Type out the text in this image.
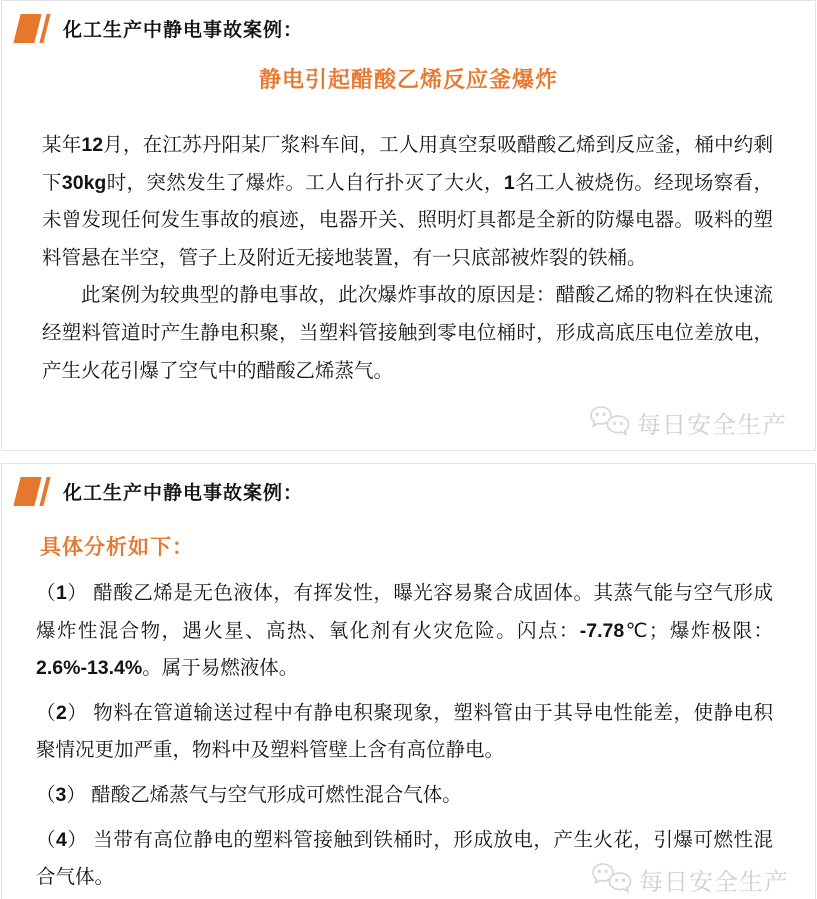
化工生产中静电事故案例：
静电引起醋酸乙烯反应釜爆炸

某年12月，在江苏丹阳某厂浆料车间，工人用真空泵吸醋酸乙烯到反应釜，桶中约剩下30kg时，突然发生了爆炸。工人自行扑灭了大火，1名工人被烧伤。经现场察看，未曾发现任何发生事故的痕迹，电器开关、照明灯具都是全新的防爆电器。吸料的塑料管悬在半空，管子上及附近无接地装置，有一只底部被炸裂的铁桶。

此案例为较典型的静电事故，此次爆炸事故的原因是：醋酸乙烯的物料在快速流经塑料管道时产生静电积聚，当塑料管接触到零电位桶时，形成高底压电位差放电，产生火花引爆了空气中的醋酸乙烯蒸气。

每日安全生产
化工生产中静电事故案例：
具体分析如下：

（1） 醋酸乙烯是无色液体，有挥发性，曝光容易聚合成固体。其蒸气能与空气形成爆炸性混合物，遇火星、高热、氧化剂有火灾危险。闪点：-7.78℃；爆炸极限：2.6%-13.4%。属于易燃液体。

（2） 物料在管道输送过程中有静电积聚现象，塑料管由于其导电性能差，使静电积聚情况更加严重，物料中及塑料管壁上含有高位静电。

（3） 醋酸乙烯蒸气与空气形成可燃性混合气体。

（4） 当带有高位静电的塑料管接触到铁桶时，形成放电，产生火花，引爆可燃性混合气体。	每日安全生产
